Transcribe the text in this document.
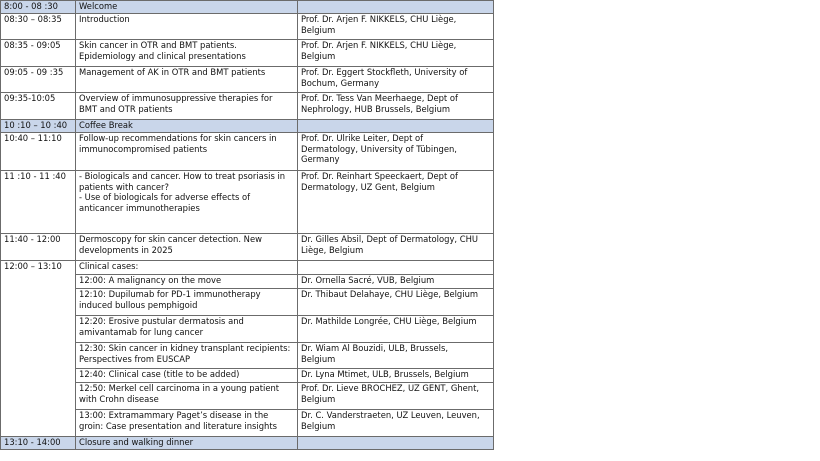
8:00 - 08 :30	Welcome	
08:30 – 08:35	Introduction	Prof. Dr. Arjen F. NIKKELS, CHU Liège,
Belgium
08:35 - 09:05	Skin cancer in OTR and BMT patients.
Epidemiology and clinical presentations	Prof. Dr. Arjen F. NIKKELS, CHU Liège,
Belgium
09:05 - 09 :35	Management of AK in OTR and BMT patients	Prof. Dr. Eggert Stockfleth, University of
Bochum, Germany
09:35-10:05	Overview of immunosuppressive therapies for
BMT and OTR patients	Prof. Dr. Tess Van Meerhaege, Dept of
Nephrology, HUB Brussels, Belgium
10 :10 – 10 :40	Coffee Break	
10:40 – 11:10	Follow-up recommendations for skin cancers in
immunocompromised patients	Prof. Dr. Ulrike Leiter, Dept of
Dermatology, University of Tübingen,
Germany
11 :10 - 11 :40	- Biologicals and cancer. How to treat psoriasis in
patients with cancer?
- Use of biologicals for adverse effects of
anticancer immunotherapies	Prof. Dr. Reinhart Speeckaert, Dept of
Dermatology, UZ Gent, Belgium
11:40 - 12:00	Dermoscopy for skin cancer detection. New
developments in 2025	Dr. Gilles Absil, Dept of Dermatology, CHU
Liège, Belgium
12:00 – 13:10	Clinical cases:	
	12:00: A malignancy on the move	Dr. Ornella Sacré, VUB, Belgium
	12:10: Dupilumab for PD-1 immunotherapy
induced bullous pemphigoid	Dr. Thibaut Delahaye, CHU Liège, Belgium
	12:20: Erosive pustular dermatosis and
amivantamab for lung cancer	Dr. Mathilde Longrée, CHU Liège, Belgium
	12:30: Skin cancer in kidney transplant recipients:
Perspectives from EUSCAP	Dr. Wiam Al Bouzidi, ULB, Brussels,
Belgium
	12:40: Clinical case (title to be added)	Dr. Lyna Mtimet, ULB, Brussels, Belgium
	12:50: Merkel cell carcinoma in a young patient
with Crohn disease	Prof. Dr. Lieve BROCHEZ, UZ GENT, Ghent,
Belgium
	13:00: Extramammary Paget’s disease in the
groin: Case presentation and literature insights	Dr. C. Vanderstraeten, UZ Leuven, Leuven,
Belgium
13:10 - 14:00	Closure and walking dinner	
